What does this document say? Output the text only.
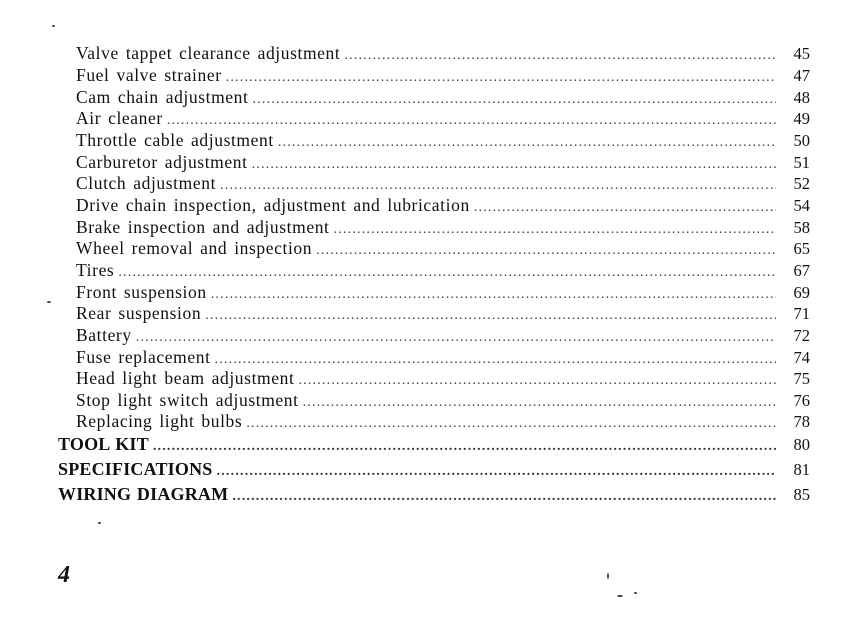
Valve tappet clearance adjustment .....	45
Fuel valve strainer .....	47
Cam chain adjustment .....	48
Air cleaner .....	49
Throttle cable adjustment .....	50
Carburetor adjustment .....	51
Clutch adjustment .....	52
Drive chain inspection, adjustment and lubrication .....	54
Brake inspection and adjustment .....	58
Wheel removal and inspection .....	65
Tires .....	67
Front suspension .....	69
Rear suspension .....	71
Battery .....	72
Fuse replacement .....	74
Head light beam adjustment .....	75
Stop light switch adjustment .....	76
Replacing light bulbs .....	78
TOOL KIT .....	80
SPECIFICATIONS .....	81
WIRING DIAGRAM .....	85
4
